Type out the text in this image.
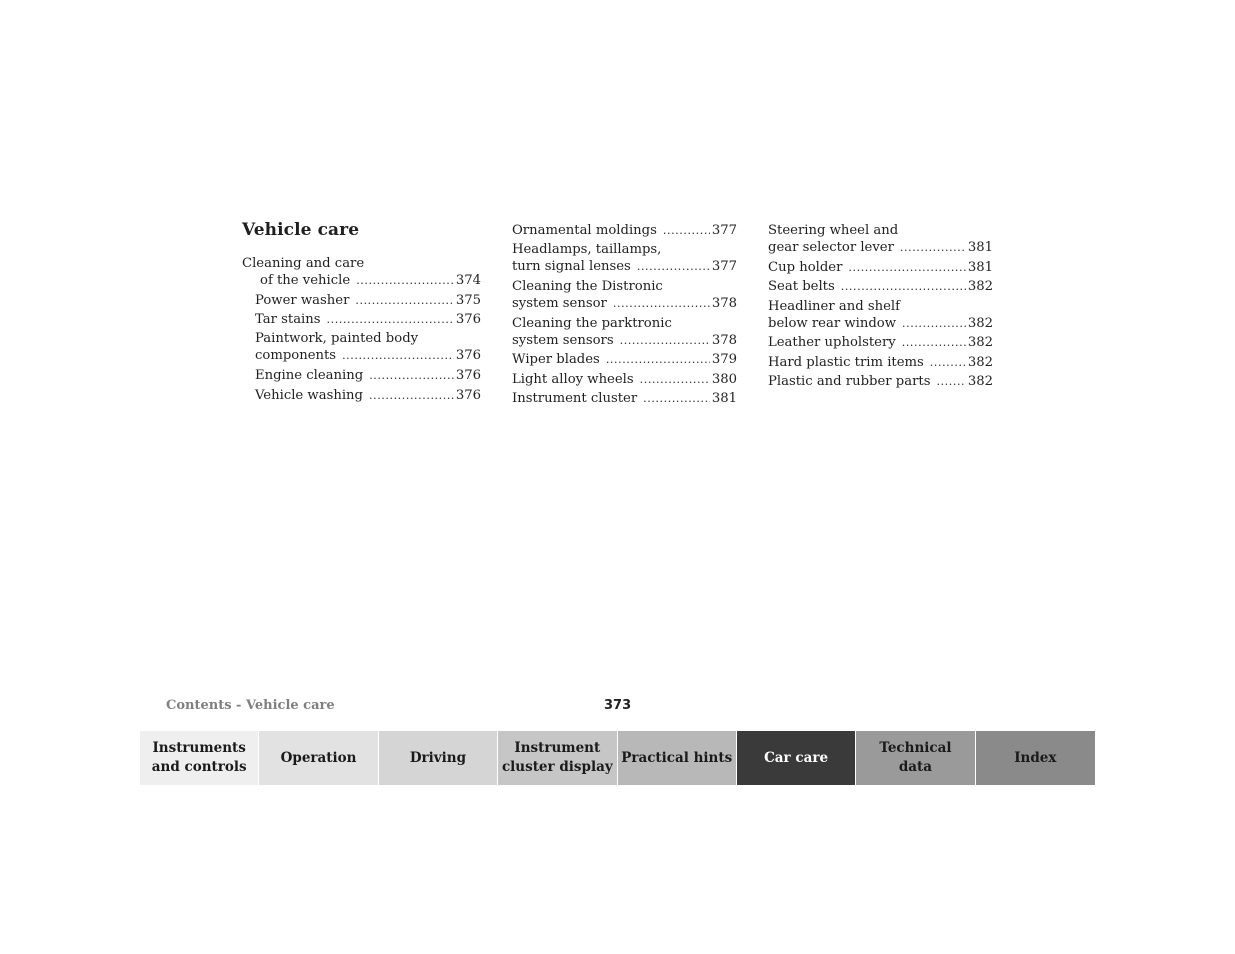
Vehicle care
Cleaning and care
of the vehicle .....	374
Power washer .....	375
Tar stains .....	376
Paintwork, painted body
components .....	376
Engine cleaning .....	376
Vehicle washing .....	376
Ornamental moldings .....	377
Headlamps, taillamps,
turn signal lenses .....	377
Cleaning the Distronic
system sensor .....	378
Cleaning the parktronic
system sensors .....	378
Wiper blades .....	379
Light alloy wheels .....	380
Instrument cluster .....	381
Steering wheel and
gear selector lever .....	381
Cup holder .....	381
Seat belts .....	382
Headliner and shelf
below rear window .....	382
Leather upholstery .....	382
Hard plastic trim items .....	382
Plastic and rubber parts .....	382
Contents - Vehicle care	373
Instruments
and controls
Operation	Driving
Instrument
cluster display
Practical hints Car care
Technical
data
Index
